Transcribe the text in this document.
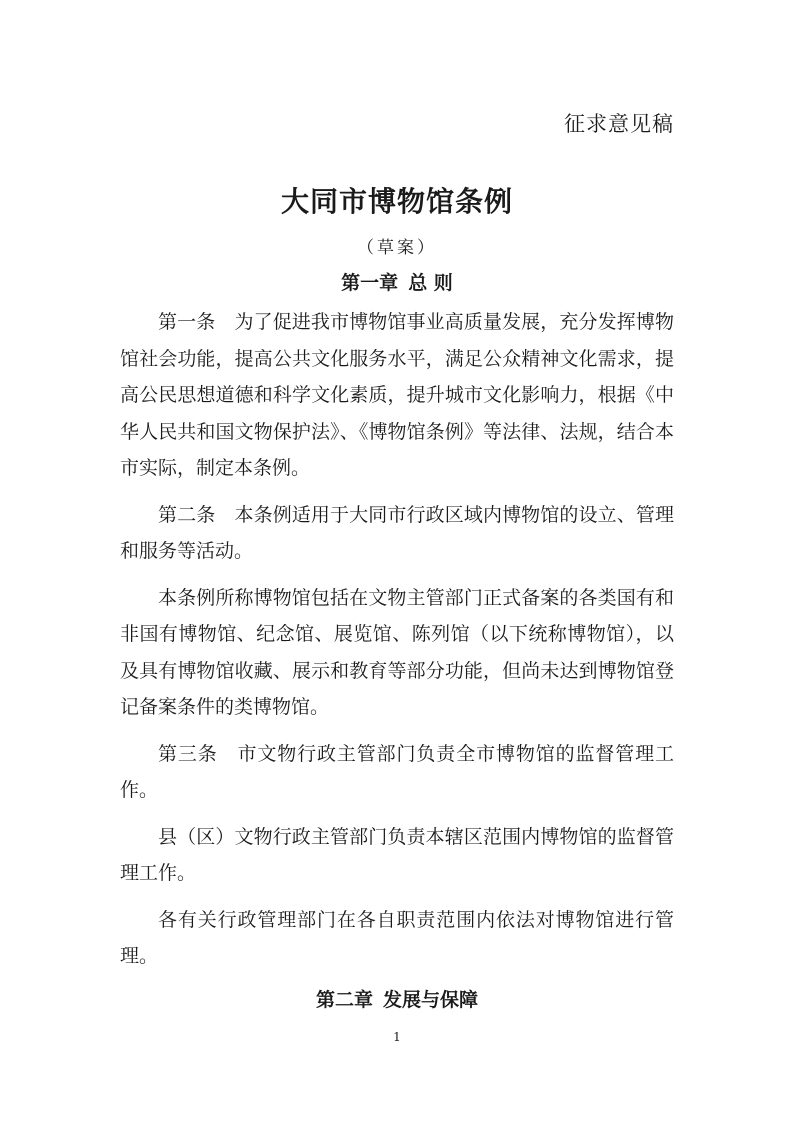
征求意见稿
大同市博物馆条例
（草案）
第一章 总 则

第一条　为了促进我市博物馆事业高质量发展，充分发挥博物馆社会功能，提高公共文化服务水平，满足公众精神文化需求，提高公民思想道德和科学文化素质，提升城市文化影响力，根据《中华人民共和国文物保护法》、《博物馆条例》等法律、法规，结合本市实际，制定本条例。

第二条　本条例适用于大同市行政区域内博物馆的设立、管理和服务等活动。

本条例所称博物馆包括在文物主管部门正式备案的各类国有和非国有博物馆、纪念馆、展览馆、陈列馆（以下统称博物馆），以及具有博物馆收藏、展示和教育等部分功能，但尚未达到博物馆登记备案条件的类博物馆。

第三条　市文物行政主管部门负责全市博物馆的监督管理工作。

县（区）文物行政主管部门负责本辖区范围内博物馆的监督管理工作。

各有关行政管理部门在各自职责范围内依法对博物馆进行管理。

第二章 发展与保障
1
